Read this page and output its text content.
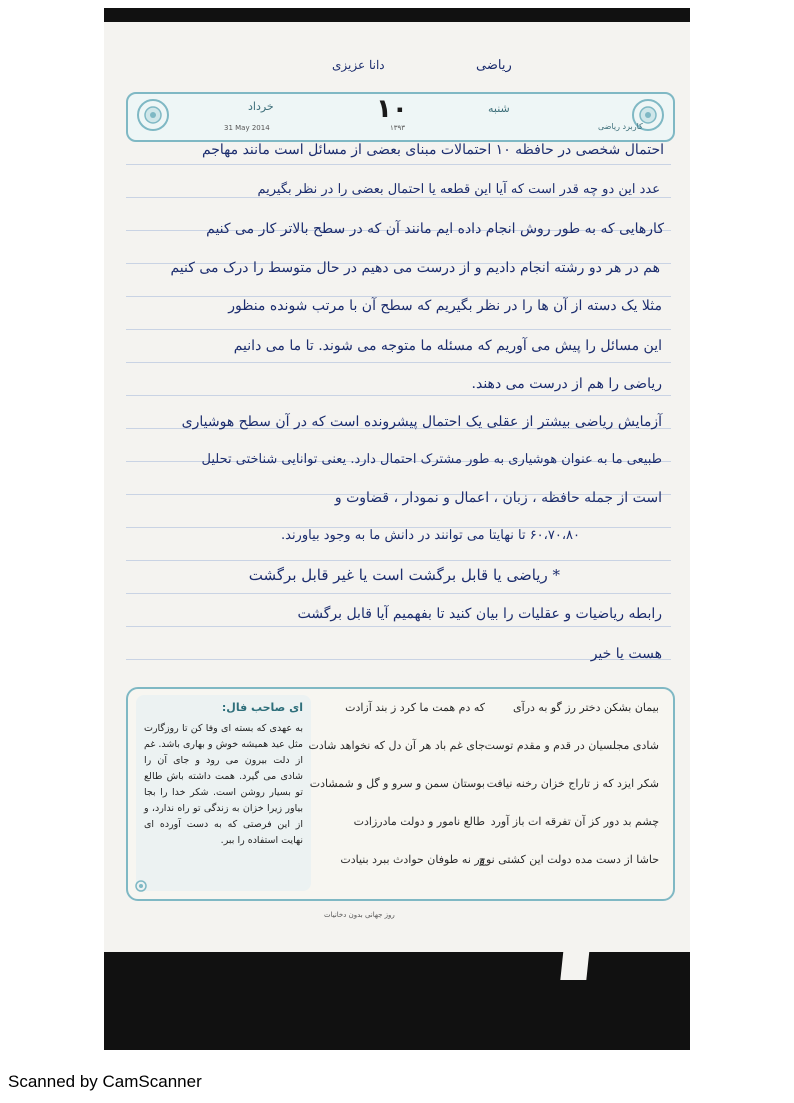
ریاضی
دانا عزیزی
شنبه
۱۰
خرداد
۱۳۹۳
31 May 2014	کاربرد ریاضی
احتمال شخصی در حافظه ۱۰ احتمالات مبنای بعضی از مسائل است مانند مهاجم
عدد این دو چه قدر است که آیا این قطعه یا احتمال بعضی را در نظر بگیریم
کارهایی که به طور روش انجام داده ایم مانند آن که در سطح بالاتر کار می کنیم
هم در هر دو رشته انجام دادیم و از درست می دهیم در حال متوسط را درک می کنیم
مثلا یک دسته از آن ها را در نظر بگیریم که سطح آن با مرتب شونده منظور
این مسائل را پیش می آوریم که مسئله ما متوجه می شوند. تا ما می دانیم
ریاضی را هم از درست می دهند.
آزمایش ریاضی بیشتر از عقلی یک احتمال پیشرونده است که در آن سطح هوشیاری
طبیعی ما به عنوان هوشیاری به طور مشترک احتمال دارد. یعنی توانایی شناختی تحلیل
است از جمله حافظه ، زبان ، اعمال و نمودار ، قضاوت و
۶۰،۷۰،۸۰ تا نهایتا می توانند در دانش ما به وجود بیاورند.
* ریاضی یا قابل برگشت است یا غیر قابل برگشت
رابطه ریاضیات و عقلیات را بیان کنید تا بفهمیم آیا قابل برگشت
هست یا خیر
ای صاحب فال:
به عهدی که بسته ای وفا کن تا روزگارت مثل عید همیشه خوش و بهاری باشد. غم از دلت بیرون می رود و جای آن را شادی می گیرد. همت داشته باش طالع تو بسیار روشن است. شکر خدا را بجا بیاور زیرا خزان به زندگی تو راه ندارد، و از این فرصتی که به دست آورده ای نهایت استفاده را ببر.
بیمان بشکن دختر رز گو به درآی
شادی مجلسیان در قدم و مقدم توست
شکر ایزد که ز تاراج خزان رخنه نیافت
چشم بد دور کز آن تفرقه ات باز آورد
حاشا از دست مده دولت این کشتی نوح
که دم همت ما کرد ز بند آزادت
جای غم باد هر آن دل که نخواهد شادت
بوستان سمن و سرو و گل و شمشادت
طالع نامور و دولت مادرزادت
ور نه طوفان حوادث ببرد بنیادت
روز جهانی بدون دخانیات
Scanned by CamScanner
